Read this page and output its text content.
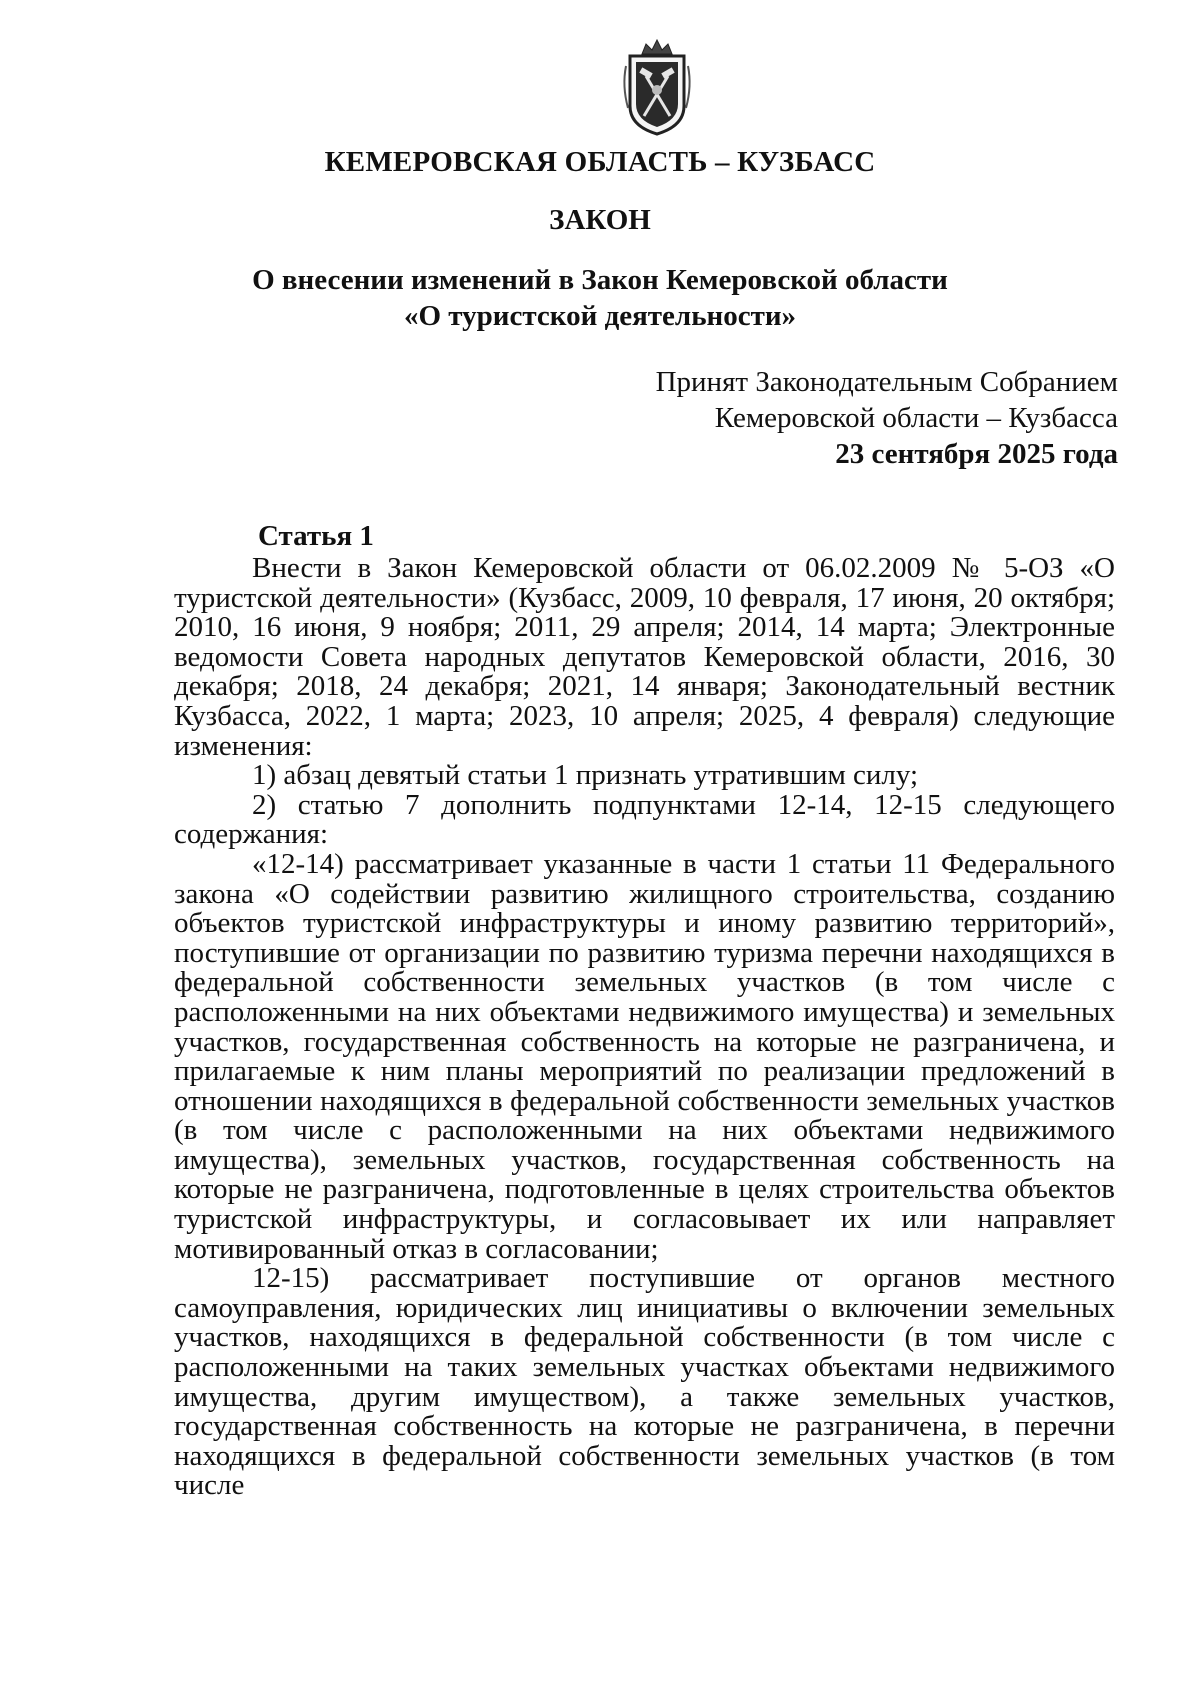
КЕМЕРОВСКАЯ ОБЛАСТЬ – КУЗБАСС
ЗАКОН
О внесении изменений в Закон Кемеровской области
«О туристской деятельности»
Принят Законодательным Собранием
Кемеровской области – Кузбасса
23 сентября 2025 года
Статья 1

Внести в Закон Кемеровской области от 06.02.2009 № 5-ОЗ «О туристской деятельности» (Кузбасс, 2009, 10 февраля, 17 июня, 20 октября; 2010, 16 июня, 9 ноября; 2011, 29 апреля; 2014, 14 марта; Электронные ведомости Совета народных депутатов Кемеровской области, 2016, 30 декабря; 2018, 24 декабря; 2021, 14 января; Законодательный вестник Кузбасса, 2022, 1 марта; 2023, 10 апреля; 2025, 4 февраля) следующие изменения:

1) абзац девятый статьи 1 признать утратившим силу;

2) статью 7 дополнить подпунктами 12-14, 12-15 следующего содержания:

«12-14) рассматривает указанные в части 1 статьи 11 Федерального закона «О содействии развитию жилищного строительства, созданию объектов туристской инфраструктуры и иному развитию территорий», поступившие от организации по развитию туризма перечни находящихся в федеральной собственности земельных участков (в том числе с расположенными на них объектами недвижимого имущества) и земельных участков, государственная собственность на которые не разграничена, и прилагаемые к ним планы мероприятий по реализации предложений в отношении находящихся в федеральной собственности земельных участков (в том числе с расположенными на них объектами недвижимого имущества), земельных участков, государственная собственность на которые не разграничена, подготовленные в целях строительства объектов туристской инфраструктуры, и согласовывает их или направляет мотивированный отказ в согласовании;

12-15) рассматривает поступившие от органов местного самоуправления, юридических лиц инициативы о включении земельных участков, находящихся в федеральной собственности (в том числе с расположенными на таких земельных участках объектами недвижимого имущества, другим имуществом), а также земельных участков, государственная собственность на которые не разграничена, в перечни находящихся в федеральной собственности земельных участков (в том числе
